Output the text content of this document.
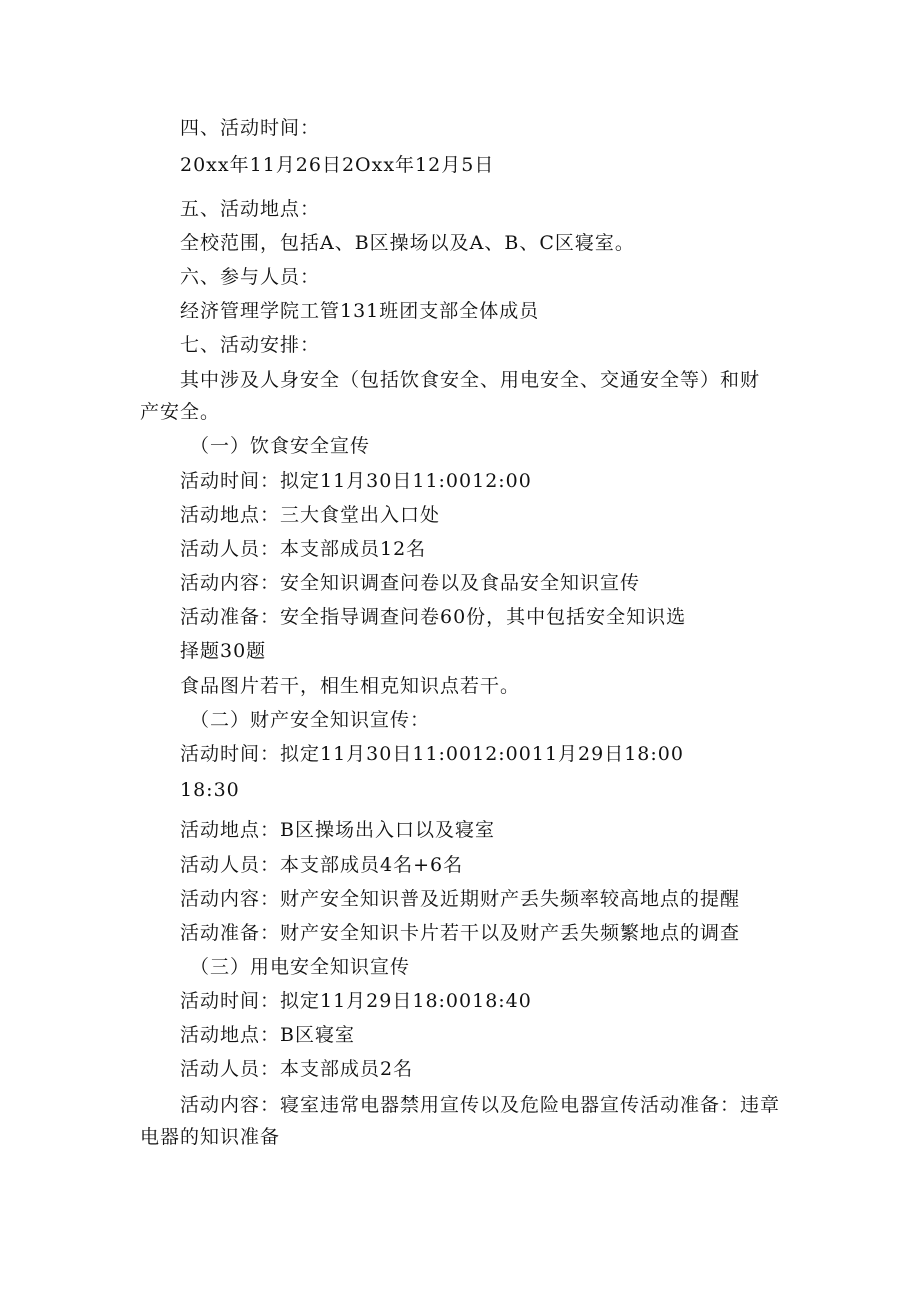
四、活动时间：
20xx年11月26日2Oxx年12月5日
五、活动地点：
全校范围，包括A、B区操场以及A、B、C区寝室。
六、参与人员：
经济管理学院工管131班团支部全体成员
七、活动安排：
其中涉及人身安全（包括饮食安全、用电安全、交通安全等）和财
产安全。
（一）饮食安全宣传
活动时间：拟定11月30日11:0012:00
活动地点：三大食堂出入口处
活动人员：本支部成员12名
活动内容：安全知识调查问卷以及食品安全知识宣传
活动准备：安全指导调查问卷60份，其中包括安全知识选
择题30题
食品图片若干，相生相克知识点若干。
（二）财产安全知识宣传：
活动时间：拟定11月30日11:0012:0011月29日18:00
18:30
活动地点：B区操场出入口以及寝室
活动人员：本支部成员4名+6名
活动内容：财产安全知识普及近期财产丢失频率较高地点的提醒
活动准备：财产安全知识卡片若干以及财产丢失频繁地点的调查
（三）用电安全知识宣传
活动时间：拟定11月29日18:0018:40
活动地点：B区寝室
活动人员：本支部成员2名
活动内容：寝室违常电器禁用宣传以及危险电器宣传活动准备：违章
电器的知识准备
